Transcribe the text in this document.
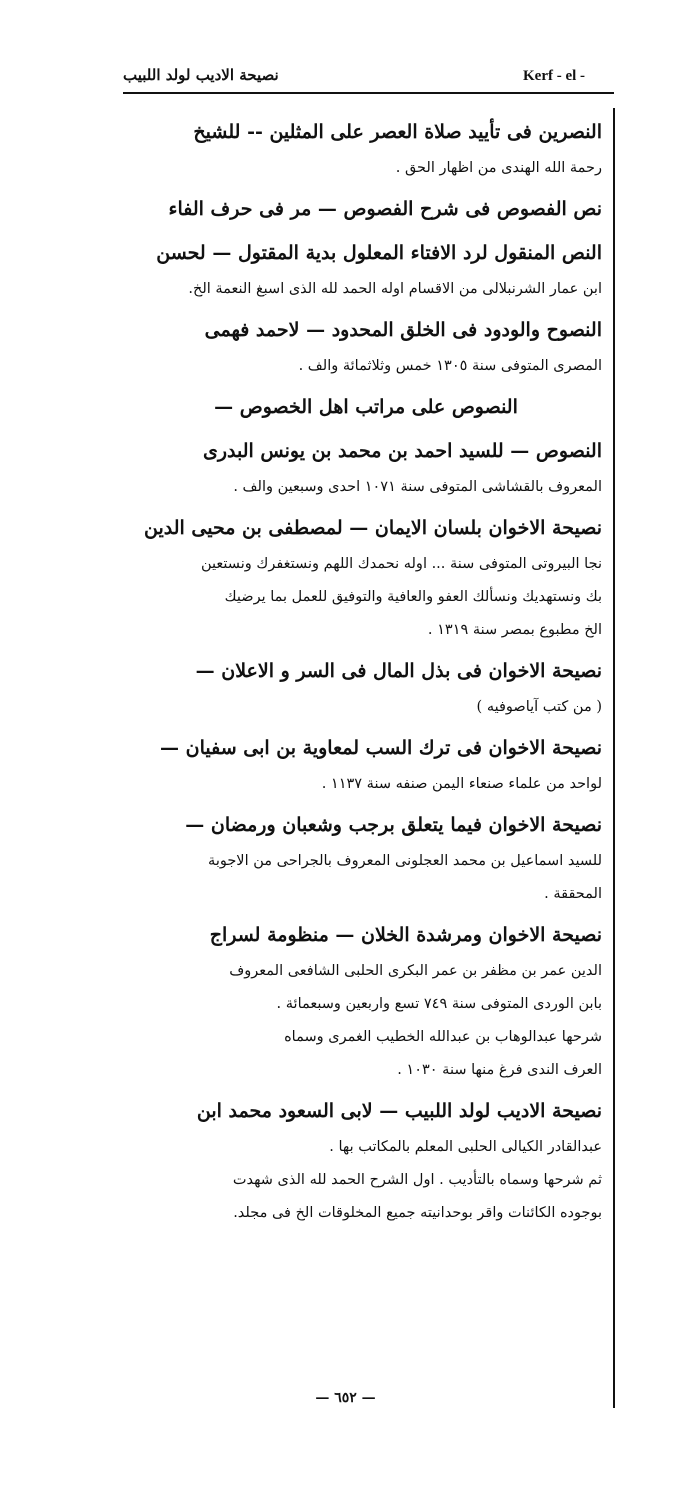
Kerf - el -
نصيحة الاديب لولد اللبيب
النصرين فى تأييد صلاة العصر على المثلين -- للشيخ
رحمة الله الهندى من اظهار الحق .
نص الفصوص فى شرح الفصوص — مر فى حرف الفاء
النص المنقول لرد الافتاء المعلول بدية المقتول — لحسن
ابن عمار الشرنبلالى من الاقسام اوله الحمد لله الذى اسبغ النعمة الخ.
النصوح والودود فى الخلق المحدود — لاحمد فهمى
المصرى المتوفى سنة ١٣٠٥ خمس وثلاثمائة والف .
النصوص على مراتب اهل الخصوص —
النصوص — للسيد احمد بن محمد بن يونس البدرى
المعروف بالقشاشى المتوفى سنة ١٠٧١ احدى وسبعين والف .
نصيحة الاخوان بلسان الايمان — لمصطفى بن محيى الدين
نجا البيروتى المتوفى سنة ... اوله نحمدك اللهم ونستغفرك ونستعين
بك ونستهديك ونسألك العفو والعافية والتوفيق للعمل بما يرضيك
الخ مطبوع بمصر سنة ١٣١٩ .
نصيحة الاخوان فى بذل المال فى السر و الاعلان —
( من كتب آياصوفيه )
نصيحة الاخوان فى ترك السب لمعاوية بن ابى سفيان —
لواحد من علماء صنعاء اليمن صنفه سنة ١١٣٧ .
نصيحة الاخوان فيما يتعلق برجب وشعبان ورمضان —
للسيد اسماعيل بن محمد العجلونى المعروف بالجراحى من الاجوبة
المحققة .
نصيحة الاخوان ومرشدة الخلان — منظومة لسراج
الدين عمر بن مظفر بن عمر البكرى الحلبى الشافعى المعروف
بابن الوردى المتوفى سنة ٧٤٩ تسع واربعين وسبعمائة .
شرحها عبدالوهاب بن عبدالله الخطيب الغمرى وسماه
العرف الندى فرغ منها سنة ١٠٣٠ .
نصيحة الاديب لولد اللبيب — لابى السعود محمد ابن
عبدالقادر الكيالى الحلبى المعلم بالمكاتب بها .
ثم شرحها وسماه بالتأديب . اول الشرح الحمد لله الذى شهدت
بوجوده الكائنات واقر بوحدانيته جميع المخلوقات الخ فى مجلد.
— ٦٥٢ —
